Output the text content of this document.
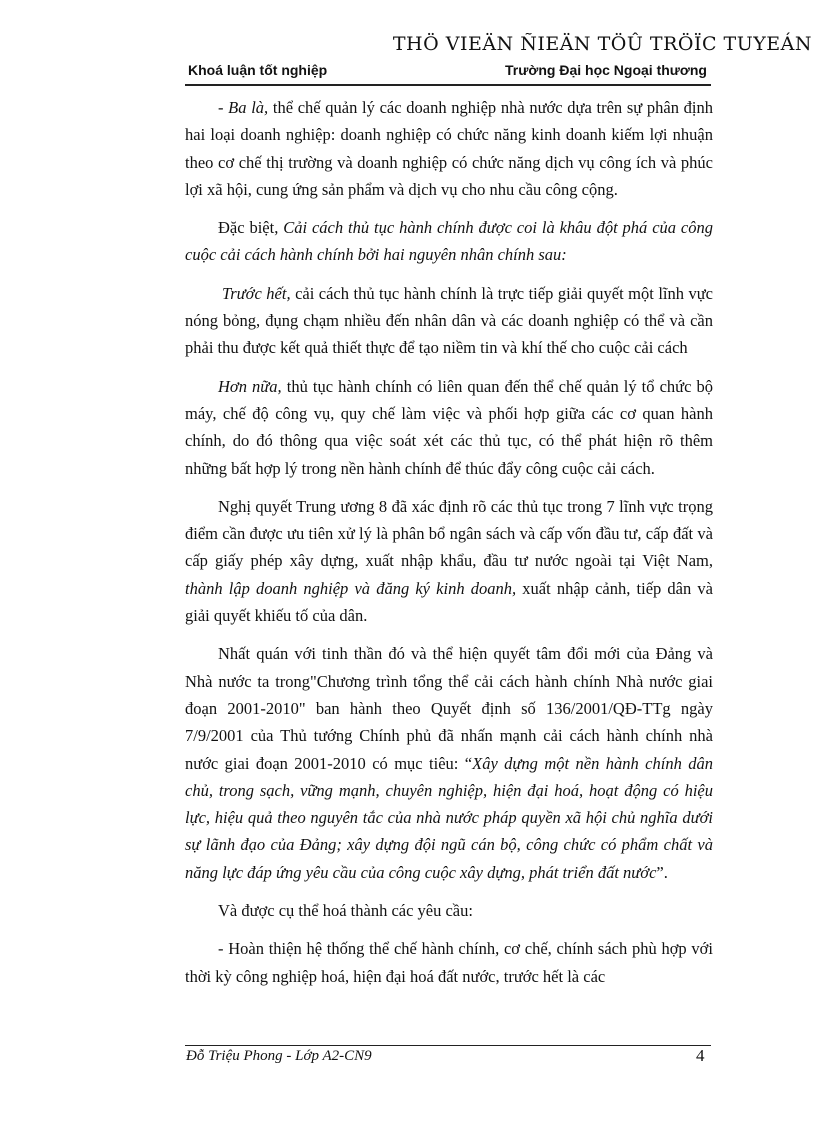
THÖ VIEÄN ÑIEÄN TÖÛ TRÖÏC TUYEÁN
Khoá luận tốt nghiệp	Trường Đại học Ngoại thương

- Ba là, thể chế quản lý các doanh nghiệp nhà nước dựa trên sự phân định hai loại doanh nghiệp: doanh nghiệp có chức năng kinh doanh kiếm lợi nhuận theo cơ chế thị trường và doanh nghiệp có chức năng dịch vụ công ích và phúc lợi xã hội, cung ứng sản phẩm và dịch vụ cho nhu cầu công cộng.

Đặc biệt, Cải cách thủ tục hành chính được coi là khâu đột phá của công cuộc cải cách hành chính bởi hai nguyên nhân chính sau:

Trước hết, cải cách thủ tục hành chính là trực tiếp giải quyết một lĩnh vực nóng bỏng, đụng chạm nhiều đến nhân dân và các doanh nghiệp có thể và cần phải thu được kết quả thiết thực để tạo niềm tin và khí thế cho cuộc cải cách

Hơn nữa, thủ tục hành chính có liên quan đến thể chế quản lý tổ chức bộ máy, chế độ công vụ, quy chế làm việc và phối hợp giữa các cơ quan hành chính, do đó thông qua việc soát xét các thủ tục, có thể phát hiện rõ thêm những bất hợp lý trong nền hành chính để thúc đẩy công cuộc cải cách.

Nghị quyết Trung ương 8 đã xác định rõ các thủ tục trong 7 lĩnh vực trọng điểm cần được ưu tiên xử lý là phân bổ ngân sách và cấp vốn đầu tư, cấp đất và cấp giấy phép xây dựng, xuất nhập khẩu, đầu tư nước ngoài tại Việt Nam, thành lập doanh nghiệp và đăng ký kinh doanh, xuất nhập cảnh, tiếp dân và giải quyết khiếu tố của dân.

Nhất quán với tinh thần đó và thể hiện quyết tâm đổi mới của Đảng và Nhà nước ta trong"Chương trình tổng thể cải cách hành chính Nhà nước giai đoạn 2001-2010" ban hành theo Quyết định số 136/2001/QĐ-TTg ngày 7/9/2001 của Thủ tướng Chính phủ đã nhấn mạnh cải cách hành chính nhà nước giai đoạn 2001-2010 có mục tiêu: “Xây dựng một nền hành chính dân chủ, trong sạch, vững mạnh, chuyên nghiệp, hiện đại hoá, hoạt động có hiệu lực, hiệu quả theo nguyên tắc của nhà nước pháp quyền xã hội chủ nghĩa dưới sự lãnh đạo của Đảng; xây dựng đội ngũ cán bộ, công chức có phẩm chất và năng lực đáp ứng yêu cầu của công cuộc xây dựng, phát triển đất nước”.

Và được cụ thể hoá thành các yêu cầu:

- Hoàn thiện hệ thống thể chế hành chính, cơ chế, chính sách phù hợp với thời kỳ công nghiệp hoá, hiện đại hoá đất nước, trước hết là các

Đỗ Triệu Phong - Lớp A2-CN9	4
